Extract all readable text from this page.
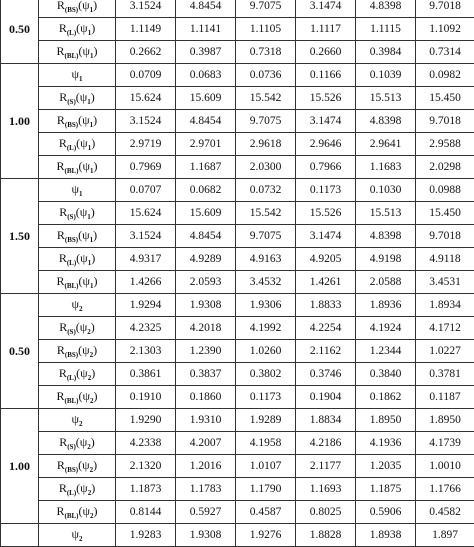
0.50	$R_{(BS)}(\psi_1)$	3.1524	4.8454	9.7075	3.1474	4.8398	9.7018
	$R_{(L)}(\psi_1)$	1.1149	1.1141	1.1105	1.1117	1.1115	1.1092
	$R_{(BL)}(\psi_1)$	0.2662	0.3987	0.7318	0.2660	0.3984	0.7314
1.00	$\psi_1$	0.0709	0.0683	0.0736	0.1166	0.1039	0.0982
	$R_{(S)}(\psi_1)$	15.624	15.609	15.542	15.526	15.513	15.450
	$R_{(BS)}(\psi_1)$	3.1524	4.8454	9.7075	3.1474	4.8398	9.7018
	$R_{(L)}(\psi_1)$	2.9719	2.9701	2.9618	2.9646	2.9641	2.9588
	$R_{(BL)}(\psi_1)$	0.7969	1.1687	2.0300	0.7966	1.1683	2.0298
1.50	$\psi_1$	0.0707	0.0682	0.0732	0.1173	0.1030	0.0988
	$R_{(S)}(\psi_1)$	15.624	15.609	15.542	15.526	15.513	15.450
	$R_{(BS)}(\psi_1)$	3.1524	4.8454	9.7075	3.1474	4.8398	9.7018
	$R_{(L)}(\psi_1)$	4.9317	4.9289	4.9163	4.9205	4.9198	4.9118
	$R_{(BL)}(\psi_1)$	1.4266	2.0593	3.4532	1.4261	2.0588	3.4531
0.50	$\psi_2$	1.9294	1.9308	1.9306	1.8833	1.8936	1.8934
	$R_{(S)}(\psi_2)$	4.2325	4.2018	4.1992	4.2254	4.1924	4.1712
	$R_{(BS)}(\psi_2)$	2.1303	1.2390	1.0260	2.1162	1.2344	1.0227
	$R_{(L)}(\psi_2)$	0.3861	0.3837	0.3802	0.3746	0.3840	0.3781
	$R_{(BL)}(\psi_2)$	0.1910	0.1860	0.1173	0.1904	0.1862	0.1187
1.00	$\psi_2$	1.9290	1.9310	1.9289	1.8834	1.8950	1.8950
	$R_{(S)}(\psi_2)$	4.2338	4.2007	4.1958	4.2186	4.1936	4.1739
	$R_{(BS)}(\psi_2)$	2.1320	1.2016	1.0107	2.1177	1.2035	1.0010
	$R_{(L)}(\psi_2)$	1.1873	1.1783	1.1790	1.1693	1.1875	1.1766
	$R_{(BL)}(\psi_2)$	0.8144	0.5927	0.4587	0.8025	0.5906	0.4582
	$\psi_2$	1.9283	1.9308	1.9276	1.8828	1.8938	1.897
